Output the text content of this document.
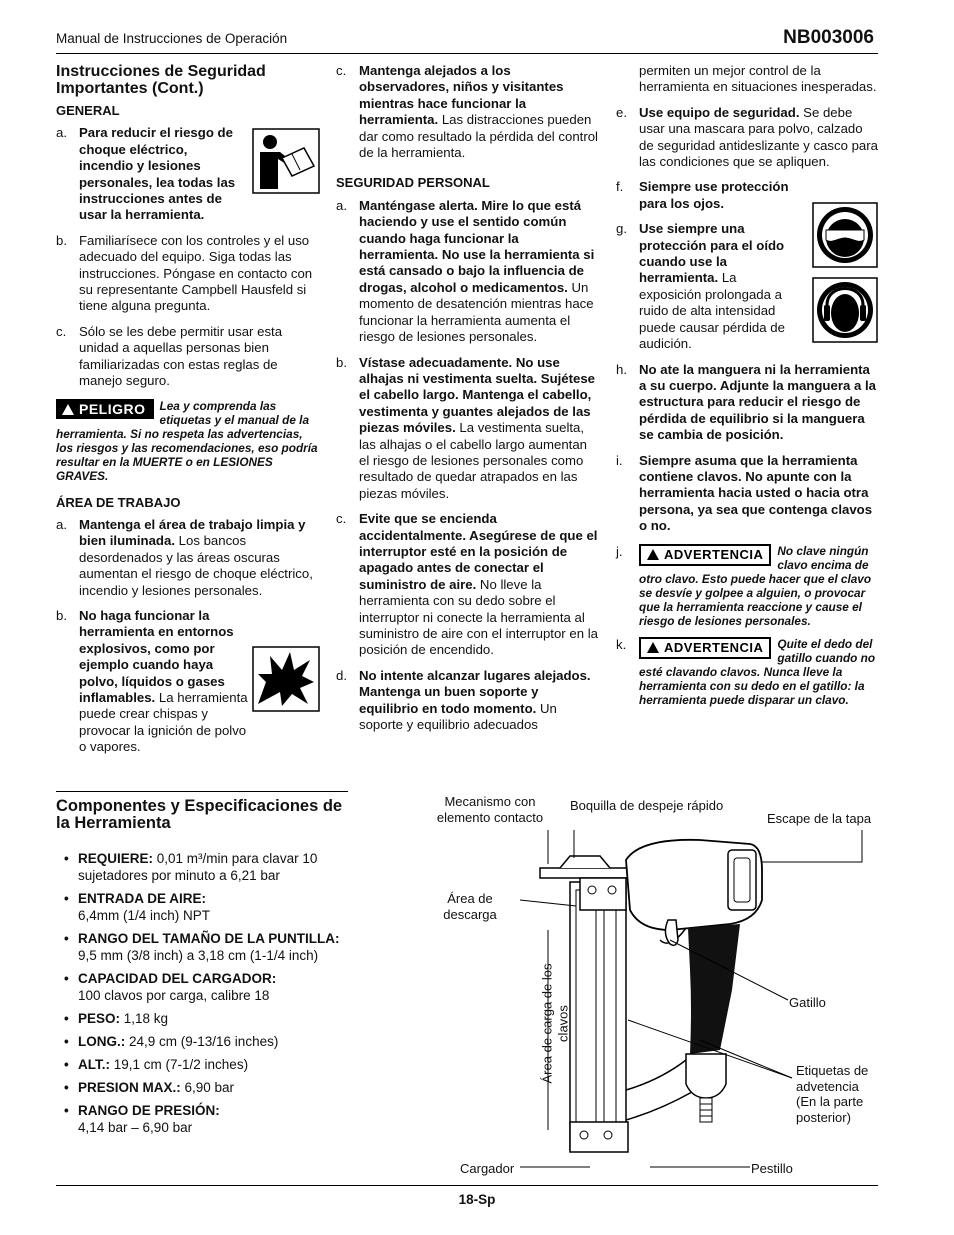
Manual de Instrucciones de Operación	NB003006
Instrucciones de Seguridad Importantes (Cont.)
GENERAL
a. Para reducir el riesgo de choque eléctrico, incendio y lesiones personales, lea todas las instrucciones antes de usar la herramienta.

b. Familiarísece con los controles y el uso adecuado del equipo. Siga todas las instrucciones. Póngase en contacto con su representante Campbell Hausfeld si tiene alguna pregunta.

c. Sólo se les debe permitir usar esta unidad a aquellas personas bien familiarizadas con estas reglas de manejo seguro.

PELIGRO	Lea y comprenda las etiquetas y el manual de la herramienta. Si no respeta las advertencias, los riesgos y las recomendaciones, eso podría resultar en la MUERTE o en LESIONES GRAVES.
ÁREA DE TRABAJO
a. Mantenga el área de trabajo limpia y bien iluminada. Los bancos desordenados y las áreas oscuras aumentan el riesgo de choque eléctrico, incendio y lesiones personales.

b. No haga funcionar la herramienta en entornos explosivos, como por ejemplo cuando haya polvo, líquidos o gases inflamables. La herramienta puede crear chispas y provocar la ignición de polvo o vapores.

c. Mantenga alejados a los observadores, niños y visitantes mientras hace funcionar la herramienta. Las distracciones pueden dar como resultado la pérdida del control de la herramienta.

SEGURIDAD PERSONAL
a. Manténgase alerta. Mire lo que está haciendo y use el sentido común cuando haga funcionar la herramienta. No use la herramienta si está cansado o bajo la influencia de drogas, alcohol o medicamentos. Un momento de desatención mientras hace funcionar la herramienta aumenta el riesgo de lesiones personales.

b. Vístase adecuadamente. No use alhajas ni vestimenta suelta. Sujétese el cabello largo. Mantenga el cabello, vestimenta y guantes alejados de las piezas móviles. La vestimenta suelta, las alhajas o el cabello largo aumentan el riesgo de lesiones personales como resultado de quedar atrapados en las piezas móviles.

c. Evite que se encienda accidentalmente. Asegúrese de que el interruptor esté en la posición de apagado antes de conectar el suministro de aire. No lleve la herramienta con su dedo sobre el interruptor ni conecte la herramienta al suministro de aire con el interruptor en la posición de encendido.

d. No intente alcanzar lugares alejados. Mantenga un buen soporte y equilibrio en todo momento. Un soporte y equilibrio adecuados

permiten un mejor control de la herramienta en situaciones inesperadas.

e. Use equipo de seguridad. Se debe usar una mascara para polvo, calzado de seguridad antideslizante y casco para las condiciones que se apliquen.

f. Siempre use protección para los ojos.

g. Use siempre una protección para el oído cuando use la herramienta. La exposición prolongada a ruido de alta intensidad puede causar pérdida de audición.

h. No ate la manguera ni la herramienta a su cuerpo. Adjunte la manguera a la estructura para reducir el riesgo de pérdida de equilibrio si la manguera se cambia de posición.

i. Siempre asuma que la herramienta contiene clavos. No apunte con la herramienta hacia usted o hacia otra persona, ya sea que contenga clavos o no.

j.	ADVERTENCIA	No clave ningún clavo encima de otro clavo. Esto puede hacer que el clavo se desvíe y golpee a alguien, o provocar que la herramienta reaccione y cause el riesgo de lesiones personales.
k.	ADVERTENCIA	Quite el dedo del gatillo cuando no esté clavando clavos. Nunca lleve la herramienta con su dedo en el gatillo: la herramienta puede disparar un clavo.
Componentes y Especificaciones de la Herramienta
• REQUIERE: 0,01 m³/min para clavar 10 sujetadores por minuto a 6,21 bar
• ENTRADA DE AIRE:
6,4mm (1/4 inch) NPT
• RANGO DEL TAMAÑO DE LA PUNTILLA:
9,5 mm (3/8 inch) a 3,18 cm (1-1/4 inch)
• CAPACIDAD DEL CARGADOR:
100 clavos por carga, calibre 18
• PESO: 1,18 kg
• LONG.: 24,9 cm (9-13/16 inches)
• ALT.: 19,1 cm (7-1/2 inches)
• PRESION MAX.: 6,90 bar
• RANGO DE PRESIÓN:
4,14 bar – 6,90 bar
Mecanismo con elemento contacto
Boquilla de despeje rápido
Escape de la tapa
Área de descarga
Área de carga de los clavos
Gatillo
Etiquetas de advetencia (En la parte posterior)
Cargador	Pestillo
18-Sp
